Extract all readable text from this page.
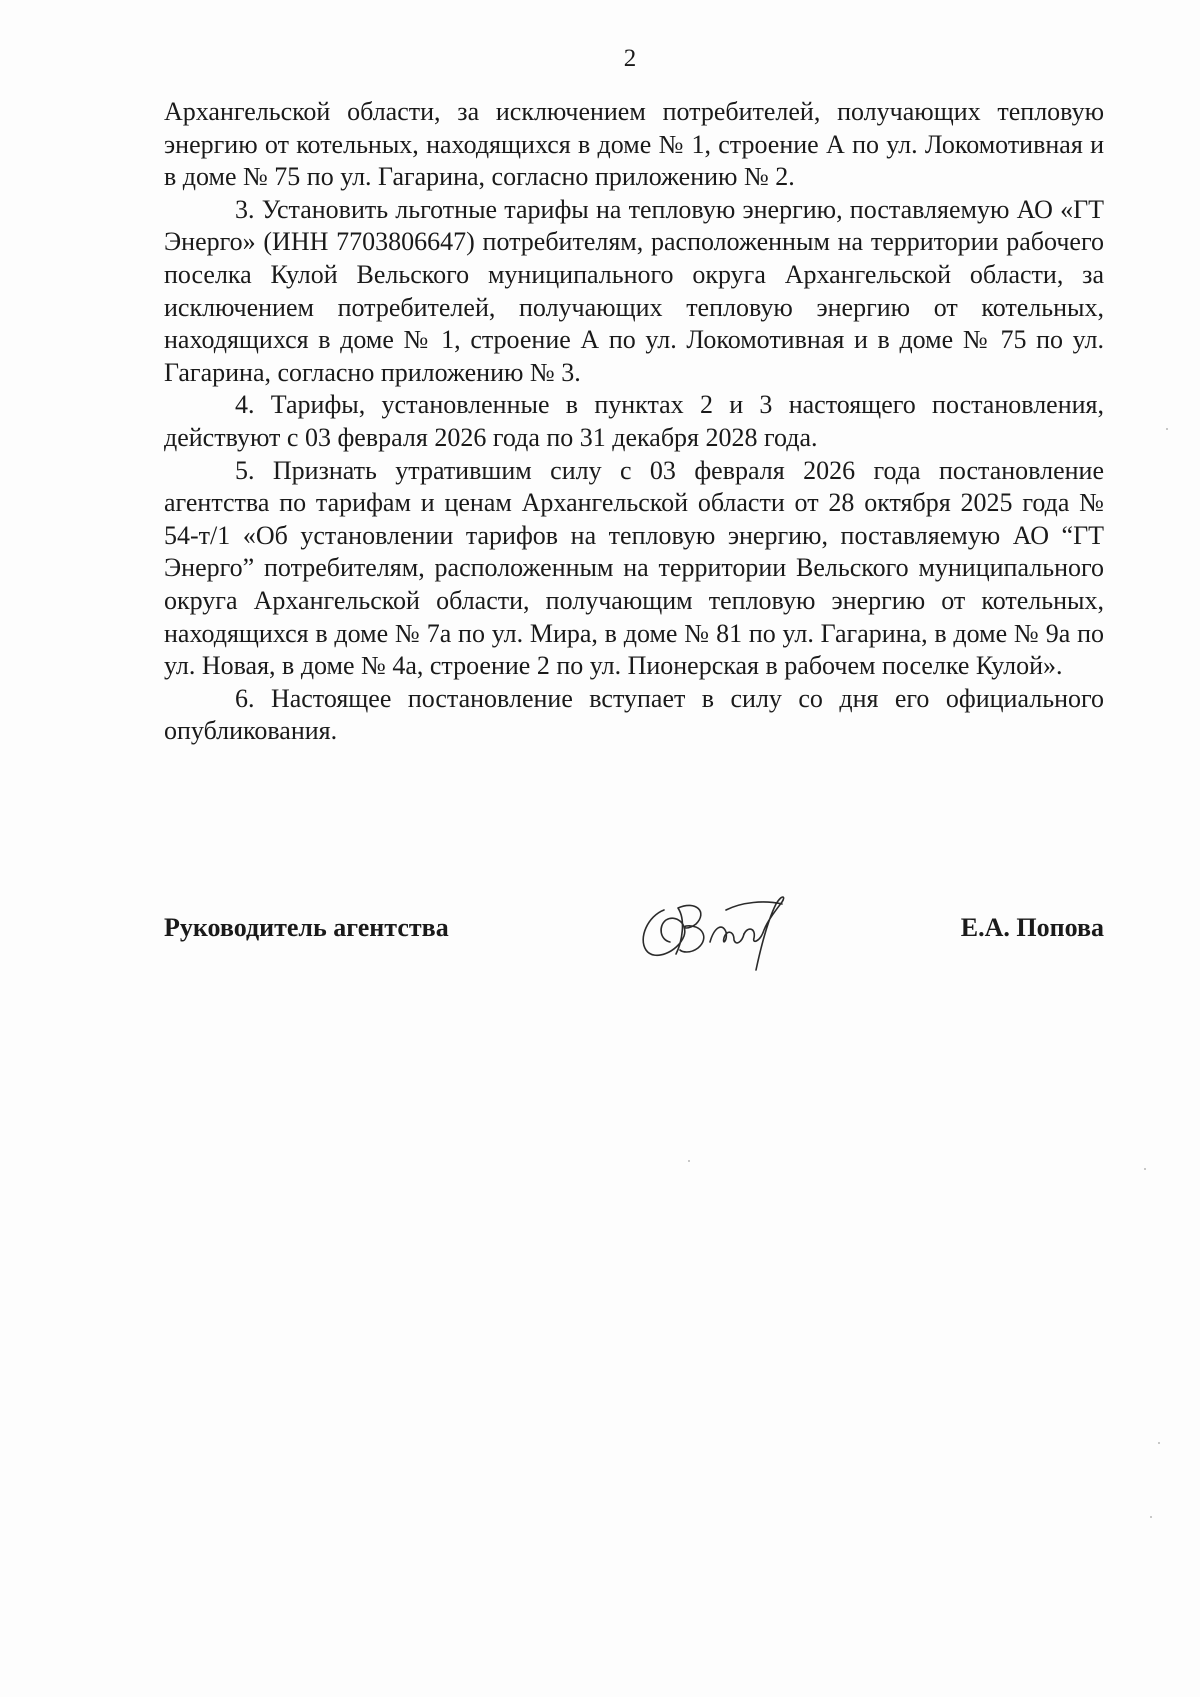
2

Архангельской области, за исключением потребителей, получающих тепловую энергию от котельных, находящихся в доме № 1, строение А по ул. Локомотивная и в доме № 75 по ул. Гагарина, согласно приложению № 2.

3. Установить льготные тарифы на тепловую энергию, поставляемую АО «ГТ Энерго» (ИНН 7703806647) потребителям, расположенным на территории рабочего поселка Кулой Вельского муниципального округа Архангельской области, за исключением потребителей, получающих тепловую энергию от котельных, находящихся в доме № 1, строение А по ул. Локомотивная и в доме № 75 по ул. Гагарина, согласно приложению № 3.

4. Тарифы, установленные в пунктах 2 и 3 настоящего постановления, действуют с 03 февраля 2026 года по 31 декабря 2028 года.

5. Признать утратившим силу с 03 февраля 2026 года постановление агентства по тарифам и ценам Архангельской области от 28 октября 2025 года № 54-т/1 «Об установлении тарифов на тепловую энергию, поставляемую АО “ГТ Энерго” потребителям, расположенным на территории Вельского муниципального округа Архангельской области, получающим тепловую энергию от котельных, находящихся в доме № 7а по ул. Мира, в доме № 81 по ул. Гагарина, в доме № 9а по ул. Новая, в доме № 4а, строение 2 по ул. Пионерская в рабочем поселке Кулой».

6. Настоящее постановление вступает в силу со дня его официального опубликования.

Руководитель агентства	Е.А. Попова
